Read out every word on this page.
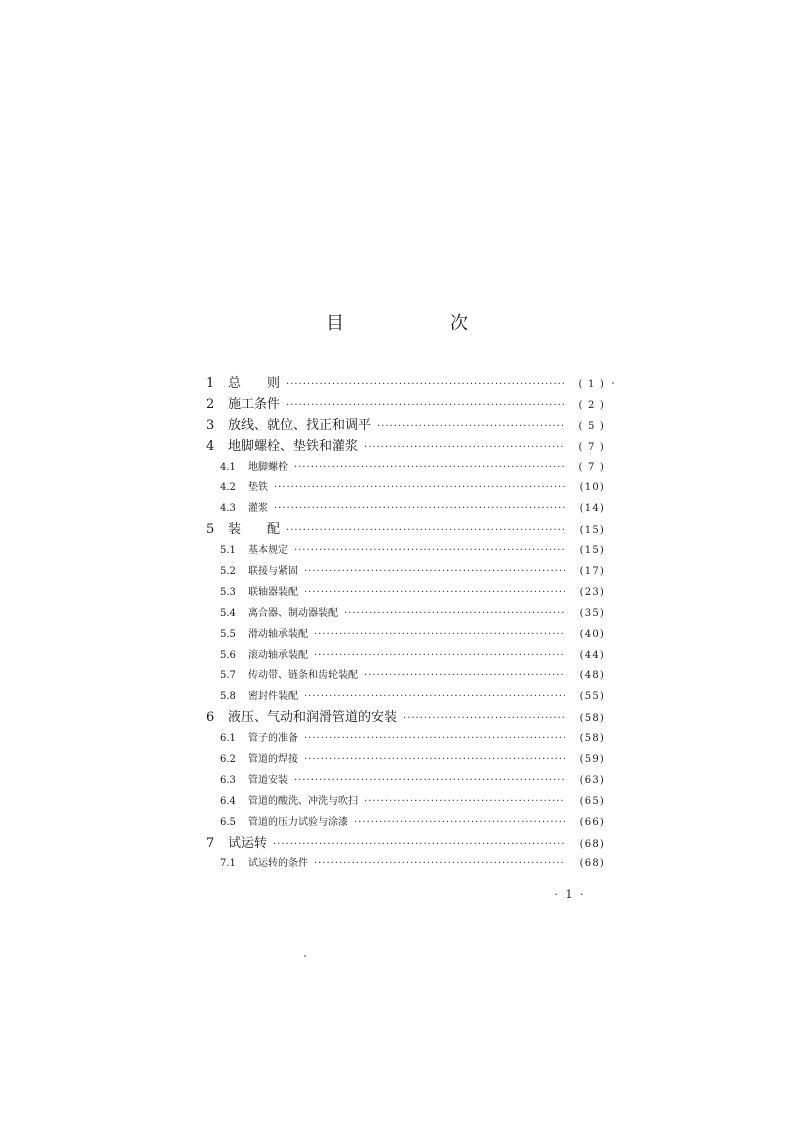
目　次
1	总　　则 ·····	( 1 )
2	施工条件 ·····	( 2 )
3	放线、就位、找正和调平 ·····	( 5 )
4	地脚螺栓、垫铁和灌浆 ·····	( 7 )
4.1	地脚螺栓 ·····	( 7 )
4.2	垫铁 ·····	(10)
4.3	灌浆 ·····	(14)
5	装　　配 ·····	(15)
5.1	基本规定 ·····	(15)
5.2	联接与紧固 ·····	(17)
5.3	联轴器装配 ·····	(23)
5.4	离合器、制动器装配 ·····	(35)
5.5	滑动轴承装配 ·····	(40)
5.6	滚动轴承装配 ·····	(44)
5.7	传动带、链条和齿轮装配 ·····	(48)
5.8	密封件装配 ·····	(55)
6	液压、气动和润滑管道的安装 ·····	(58)
6.1	管子的准备 ·····	(58)
6.2	管道的焊接 ·····	(59)
6.3	管道安装 ·····	(63)
6.4	管道的酸洗、冲洗与吹扫 ·····	(65)
6.5	管道的压力试验与涂漆 ·····	(66)
7	试运转 ·····	(68)
7.1	试运转的条件 ·····	(68)
· 1 ·
